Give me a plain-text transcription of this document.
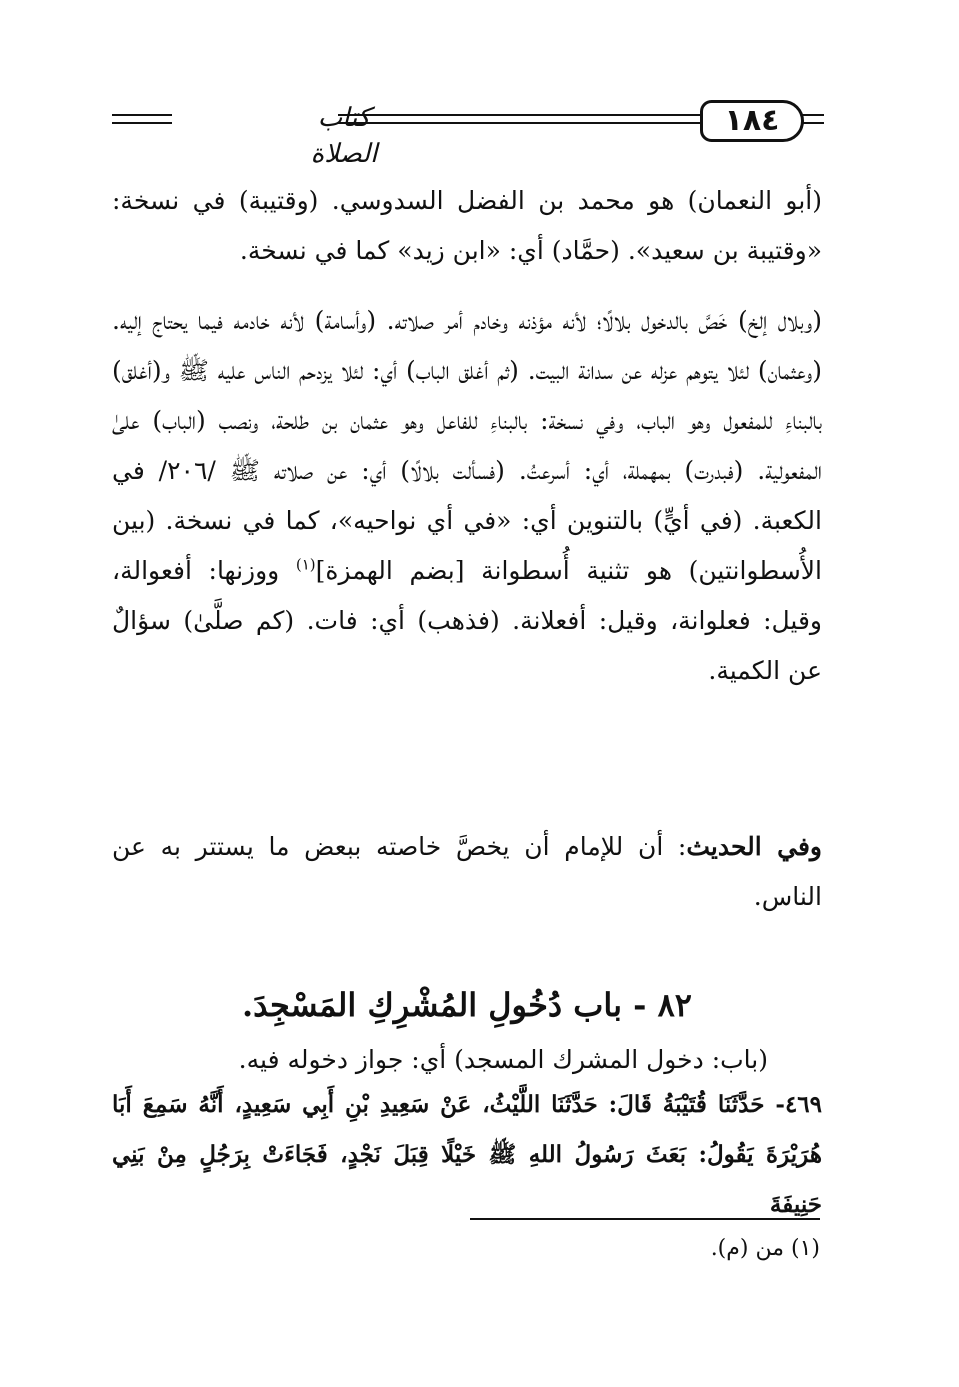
كتاب الصلاة
١٨٤
(أبو النعمان) هو محمد بن الفضل السدوسي. (وقتيبة) في نسخة: «وقتيبة بن سعيد». (حمَّاد) أي: «ابن زيد» كما في نسخة.
(وبلال إلخ) خَصَّ بالدخول بلالًا؛ لأنه مؤذنه وخادم أمر صلاته. (وأسامة) لأنه خادمه فيما يحتاج إليه. (وعثمان) لئلا يتوهم عزله عن سدانة البيت. (ثم أغلق الباب) أي: لئلا يزدحم الناس عليه ﷺ و(أغلق) بالبناءِ للمفعول وهو الباب، وفي نسخة: بالبناءِ للفاعل وهو عثمان بن طلحة، ونصب (الباب) علىٰ المفعولية. (فبدرت) بمهملة، أي: أسرعتُ. (فسألت بلالًا) أي: عن صلاته ﷺ /٢٠٦/ في الكعبة. (في أيٍّ) بالتنوين أي: «في أي نواحيه»، كما في نسخة. (بين الأُسطوانتين) هو تثنية أُسطوانة [بضم الهمزة]$^{(١)}$ ووزنها: أفعوالة، وقيل: فعلوانة، وقيل: أفعلانة. (فذهب) أي: فات. (كم صلَّىٰ) سؤالٌ عن الكمية.
وفي الحديث: أن للإمام أن يخصَّ خاصته ببعض ما يستتر به عن الناس.
٨٢ - باب دُخُولِ المُشْرِكِ المَسْجِدَ.
(باب: دخول المشرك المسجد) أي: جواز دخوله فيه.
٤٦٩- حَدَّثَنَا قُتَيْبَةُ قَالَ: حَدَّثَنَا اللَّيْثُ، عَنْ سَعِيدِ بْنِ أَبِي سَعِيدٍ، أَنَّهُ سَمِعَ أَبَا هُرَيْرَةَ يَقُولُ: بَعَثَ رَسُولُ اللهِ ﷺ خَيْلًا قِبَلَ نَجْدٍ، فَجَاءَتْ بِرَجُلٍ مِنْ بَنِي حَنِيفَةَ
(١) من (م).
